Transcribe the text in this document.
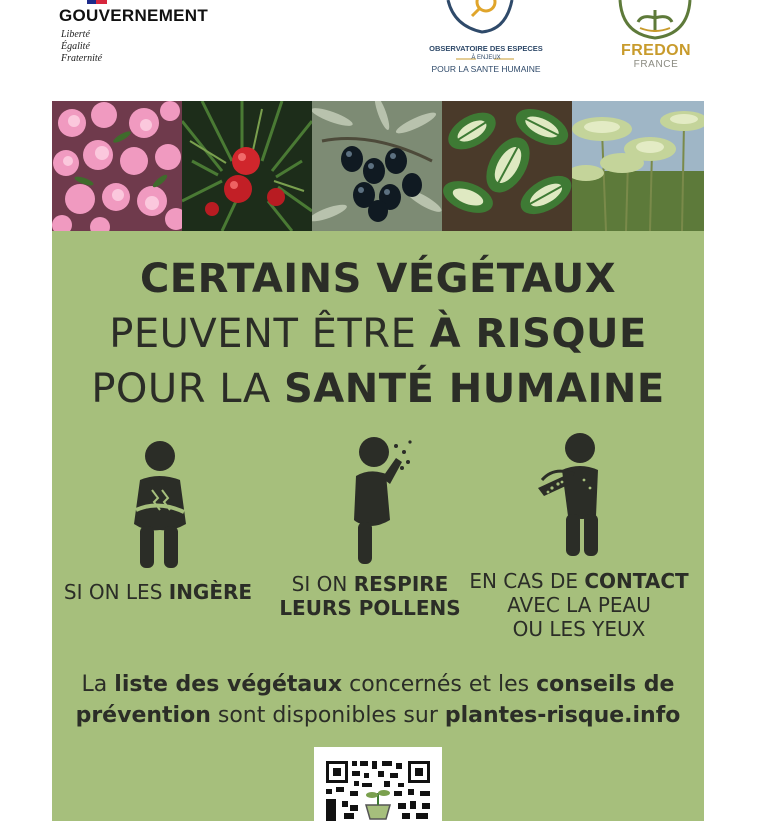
GOUVERNEMENT
Liberté
Égalité
Fraternité
OBSERVATOIRE DES ESPECES
À ENJEUX
POUR LA SANTE HUMAINE
FREDON
FRANCE
CERTAINS VÉGÉTAUX
PEUVENT ÊTRE À RISQUE
POUR LA SANTÉ HUMAINE
SI ON LES INGÈRE	SI ON RESPIRE
LEURS POLLENS
EN CAS DE CONTACT
AVEC LA PEAU
OU LES YEUX
La liste des végétaux concernés et les conseils de
prévention sont disponibles sur plantes-risque.info
